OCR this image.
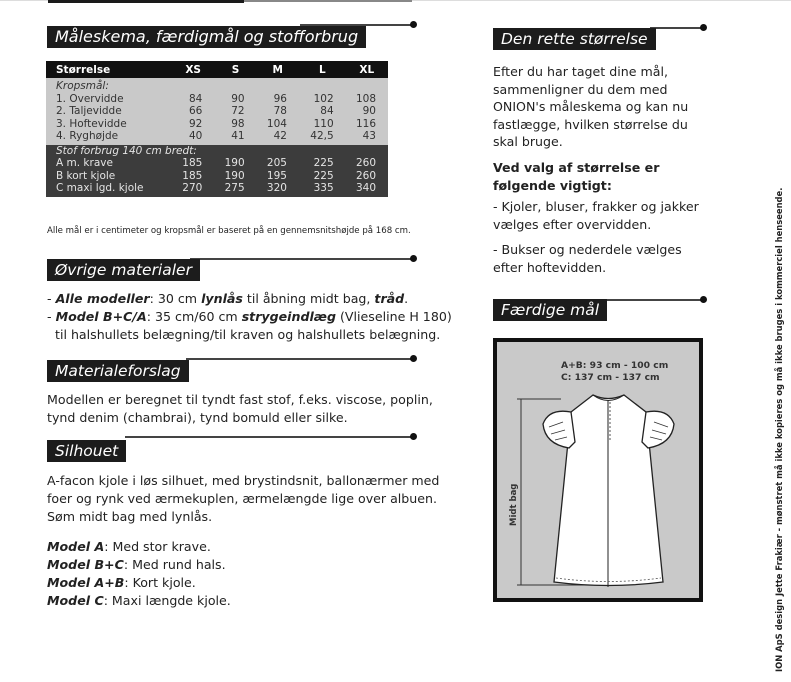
Måleskema, færdigmål og stofforbrug
Størrelse	XS	S	M	L	XL
Kropsmål:					
1. Overvidde	84	90	96	102	108
2. Taljevidde	66	72	78	84	90
3. Hoftevidde	92	98	104	110	116
4. Ryghøjde	40	41	42	42,5	43
Stof forbrug 140 cm bredt:					
A m. krave	185	190	205	225	260
B kort kjole	185	190	195	225	260
C maxi lgd. kjole	270	275	320	335	340
Alle mål er i centimeter og kropsmål er baseret på en gennemsnitshøjde på 168 cm.
Øvrige materialer
- Alle modeller: 30 cm lynlås til åbning midt bag, tråd.
- Model B+C/A: 35 cm/60 cm strygeindlæg (Vlieseline H 180)
til halshullets belægning/til kraven og halshullets belægning.
Materialeforslag
Modellen er beregnet til tyndt fast stof, f.eks. viscose, poplin,
tynd denim (chambrai), tynd bomuld eller silke.
Silhouet
A-facon kjole i løs silhuet, med brystindsnit, ballonærmer med
foer og rynk ved ærmekuplen, ærmelængde lige over albuen.
Søm midt bag med lynlås.
Model A: Med stor krave.
Model B+C: Med rund hals.
Model A+B: Kort kjole.
Model C: Maxi længde kjole.
Den rette størrelse
Efter du har taget dine mål,
sammenligner du dem med
ONION's måleskema og kan nu
fastlægge, hvilken størrelse du
skal bruge.
Ved valg af størrelse er
følgende vigtigt:
- Kjoler, bluser, frakker og jakker
vælges efter overvidden.
- Bukser og nederdele vælges
efter hoftevidden.
Færdige mål
A+B: 93 cm - 100 cm
C: 137 cm - 137 cm
Midt bag	ION ApS design Jette Frakiær - mønstret må ikke kopieres og må ikke bruges i kommerciel henseende.
